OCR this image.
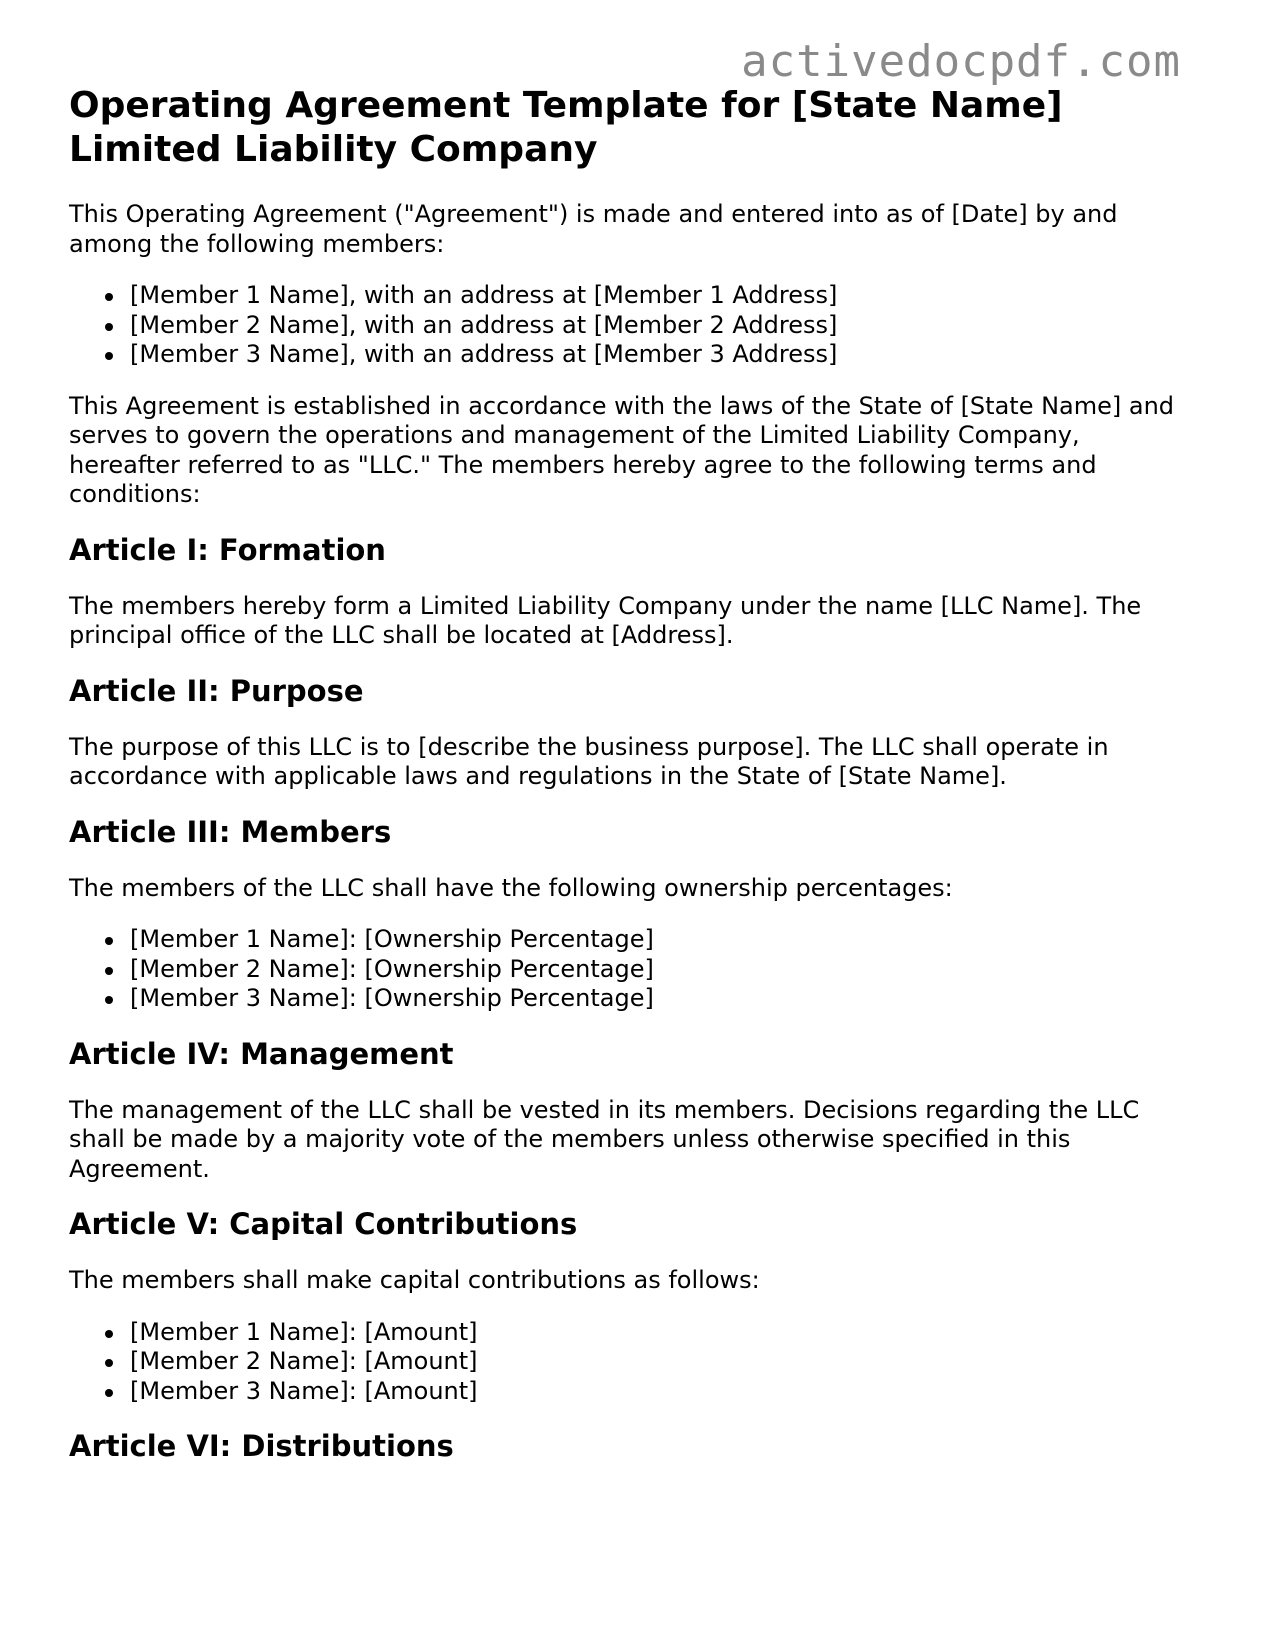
activedocpdf.com
Operating Agreement Template for [State Name] Limited Liability Company

This Operating Agreement ("Agreement") is made and entered into as of [Date] by and among the following members:

[Member 1 Name], with an address at [Member 1 Address]
[Member 2 Name], with an address at [Member 2 Address]
[Member 3 Name], with an address at [Member 3 Address]

This Agreement is established in accordance with the laws of the State of [State Name] and serves to govern the operations and management of the Limited Liability Company, hereafter referred to as "LLC." The members hereby agree to the following terms and conditions:

Article I: Formation

The members hereby form a Limited Liability Company under the name [LLC Name]. The principal office of the LLC shall be located at [Address].

Article II: Purpose

The purpose of this LLC is to [describe the business purpose]. The LLC shall operate in accordance with applicable laws and regulations in the State of [State Name].

Article III: Members

The members of the LLC shall have the following ownership percentages:

[Member 1 Name]: [Ownership Percentage]
[Member 2 Name]: [Ownership Percentage]
[Member 3 Name]: [Ownership Percentage]
Article IV: Management

The management of the LLC shall be vested in its members. Decisions regarding the LLC shall be made by a majority vote of the members unless otherwise specified in this Agreement.

Article V: Capital Contributions

The members shall make capital contributions as follows:

[Member 1 Name]: [Amount]
[Member 2 Name]: [Amount]
[Member 3 Name]: [Amount]
Article VI: Distributions
